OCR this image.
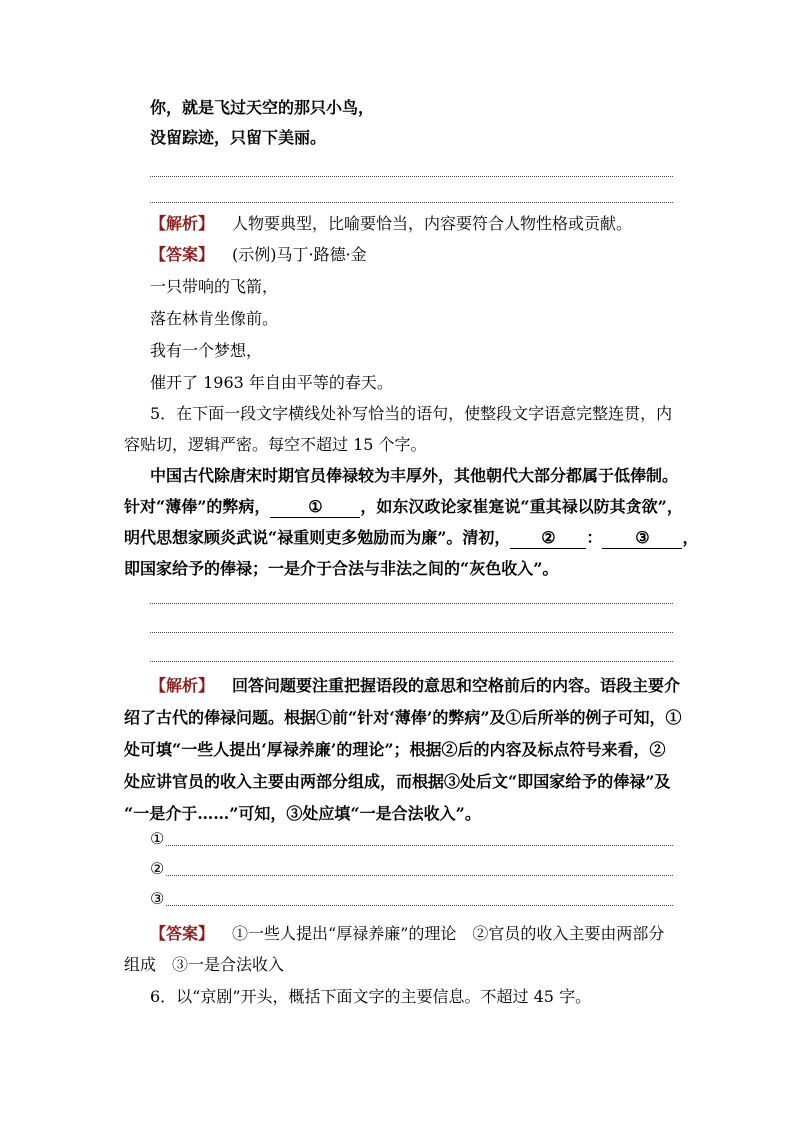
你，就是飞过天空的那只小鸟，
没留踪迹，只留下美丽。
【解析】 人物要典型，比喻要恰当，内容要符合人物性格或贡献。
【答案】 (示例)马丁·路德·金
一只带响的飞箭，
落在林肯坐像前。
我有一个梦想，
催开了 1963 年自由平等的春天。
5．在下面一段文字横线处补写恰当的语句，使整段文字语意完整连贯，内
容贴切，逻辑严密。每空不超过 15 个字。
中国古代除唐宋时期官员俸禄较为丰厚外，其他朝代大部分都属于低俸制。
针对“薄俸”的弊病， ① ，如东汉政论家崔寔说“重其禄以防其贪欲”，
明代思想家顾炎武说“禄重则吏多勉励而为廉”。清初， ② ： ③ ，
即国家给予的俸禄；一是介于合法与非法之间的“灰色收入”。
【解析】 回答问题要注重把握语段的意思和空格前后的内容。语段主要介
绍了古代的俸禄问题。根据①前“针对‘薄俸’的弊病”及①后所举的例子可知，①
处可填“一些人提出‘厚禄养廉’的理论”；根据②后的内容及标点符号来看，②
处应讲官员的收入主要由两部分组成，而根据③处后文“即国家给予的俸禄”及
“一是介于……”可知，③处应填“一是合法收入”。
①
②
③
【答案】 ①一些人提出“厚禄养廉”的理论　②官员的收入主要由两部分
组成　③一是合法收入
6．以“京剧”开头，概括下面文字的主要信息。不超过 45 字。
